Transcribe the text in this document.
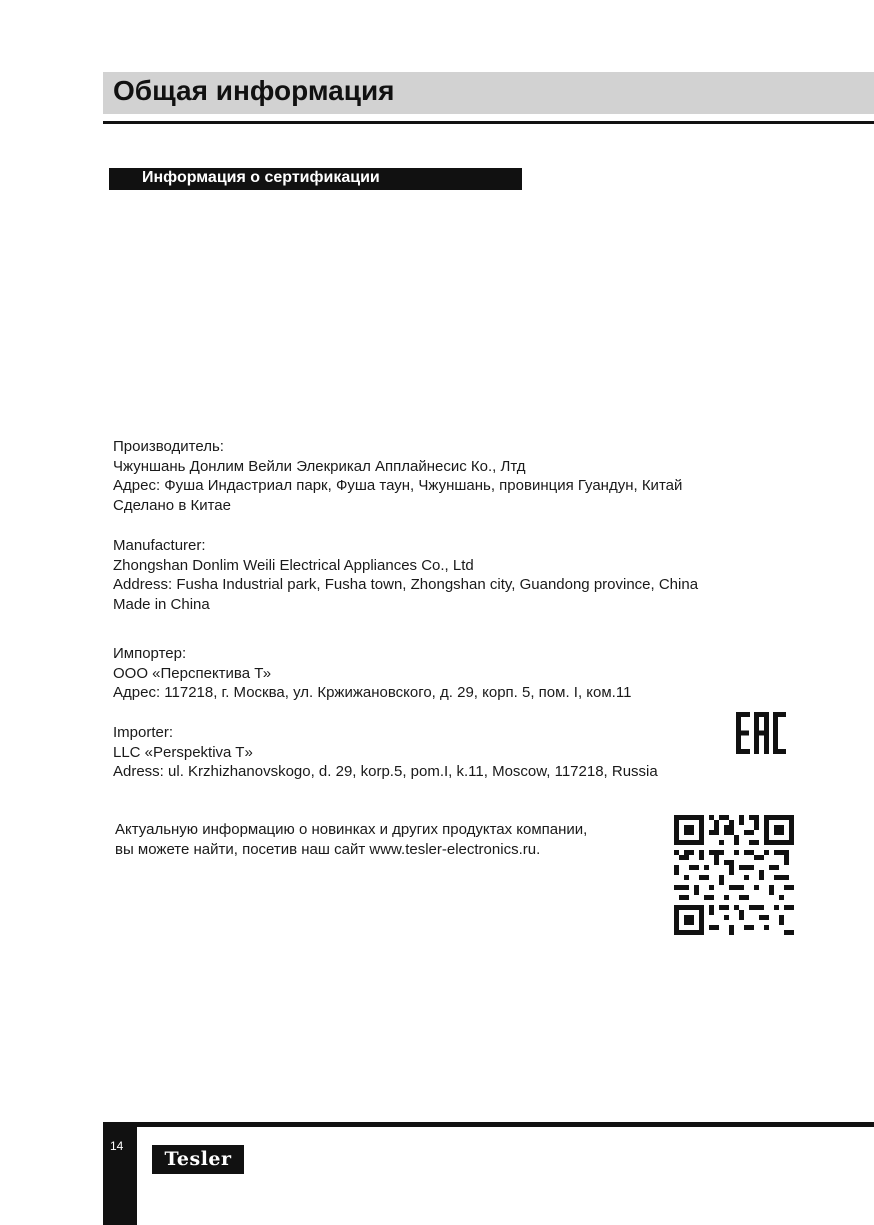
Общая информация
Информация о сертификации
Производитель:
Чжуншань Донлим Вейли Элекрикал Апплайнесис Ко., Лтд
Адрес: Фуша Индастриал парк, Фуша таун, Чжуншань, провинция Гуандун, Китай
Сделано в Китае
Manufacturer:
Zhongshan Donlim Weili Electrical Appliances Co., Ltd
Address: Fusha Industrial park, Fusha town, Zhongshan city, Guandong province, China
Made in China
Импортер:
ООО «Перспектива Т»
Адрес: 117218, г. Москва, ул. Кржижановского, д. 29, корп. 5, пом. I, ком.11
Importer:
LLC «Perspektiva T»
Adress: ul. Krzhizhanovskogo, d. 29, korp.5, pom.I, k.11, Moscow, 117218, Russia
Актуальную информацию о новинках и других продуктах компании,
вы можете найти, посетив наш сайт www.tesler-electronics.ru.
14
Tesler
